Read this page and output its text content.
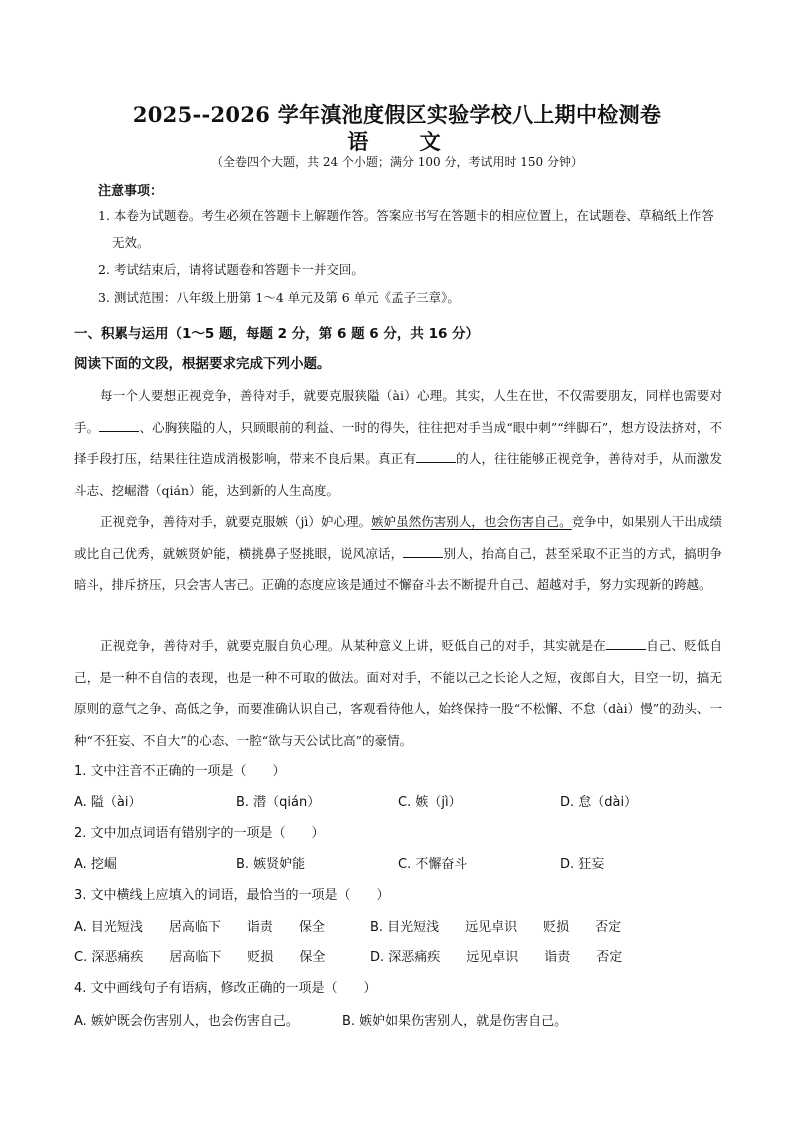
2025--2026 学年滇池度假区实验学校八上期中检测卷
语 文
（全卷四个大题，共 24 个小题；满分 100 分，考试用时 150 分钟）
注意事项：
1. 本卷为试题卷。考生必须在答题卡上解题作答。答案应书写在答题卡的相应位置上，在试题卷、草稿纸上作答无效。
2. 考试结束后，请将试题卷和答题卡一并交回。
3. 测试范围：八年级上册第 1～4 单元及第 6 单元《孟子三章》。
一、积累与运用（1～5 题，每题 2 分，第 6 题 6 分，共 16 分）
阅读下面的文段，根据要求完成下列小题。
每一个人要想正视竞争，善待对手，就要克服狭隘（ài）心理。其实，人生在世，不仅需要朋友，同样也需要对手。	、心胸狭隘的人，只顾眼前的利益、一时的得失，往往把对手当成“眼中刺”“绊脚石”，想方设法挤对，不择手段打压，结果往往造成消极影响，带来不良后果。真正有	的人，往往能够正视竞争，善待对手，从而激发斗志、挖崛潜（qián）能，达到新的人生高度。
正视竞争，善待对手，就要克服嫉（jì）妒心理。嫉妒虽然伤害别人，也会伤害自己。竞争中，如果别人干出成绩或比自己优秀，就嫉贤妒能，横挑鼻子竖挑眼，说风凉话，	别人，抬高自己，甚至采取不正当的方式，搞明争暗斗，排斥挤压，只会害人害己。正确的态度应该是通过不懈奋斗去不断提升自己、超越对手，努力实现新的跨越。
正视竞争，善待对手，就要克服自负心理。从某种意义上讲，贬低自己的对手，其实就是在	自己、贬低自己，是一种不自信的表现，也是一种不可取的做法。面对对手，不能以己之长论人之短，夜郎自大，目空一切，搞无原则的意气之争、高低之争，而要准确认识自己，客观看待他人，始终保持一股“不松懈、不怠（dài）慢”的劲头、一种“不狂妄、不自大”的心态、一腔“欲与天公试比高”的豪情。
1. 文中注音不正确的一项是（　　）
A. 隘（ài）	B. 潜（qián）	C. 嫉（jì）	D. 怠（dài）
2. 文中加点词语有错别字的一项是（　　）
A. 挖崛	B. 嫉贤妒能	C. 不懈奋斗	D. 狂妄
3. 文中横线上应填入的词语，最恰当的一项是（　　）
A. 目光短浅　　居高临下　　诣责　　保全	B. 目光短浅　　远见卓识　　贬损　　否定
C. 深恶痛疾　　居高临下　　贬损　　保全	D. 深恶痛疾　　远见卓识　　诣责　　否定
4. 文中画线句子有语病，修改正确的一项是（　　）
A. 嫉妒既会伤害别人，也会伤害自己。	B. 嫉妒如果伤害别人，就是伤害自己。
